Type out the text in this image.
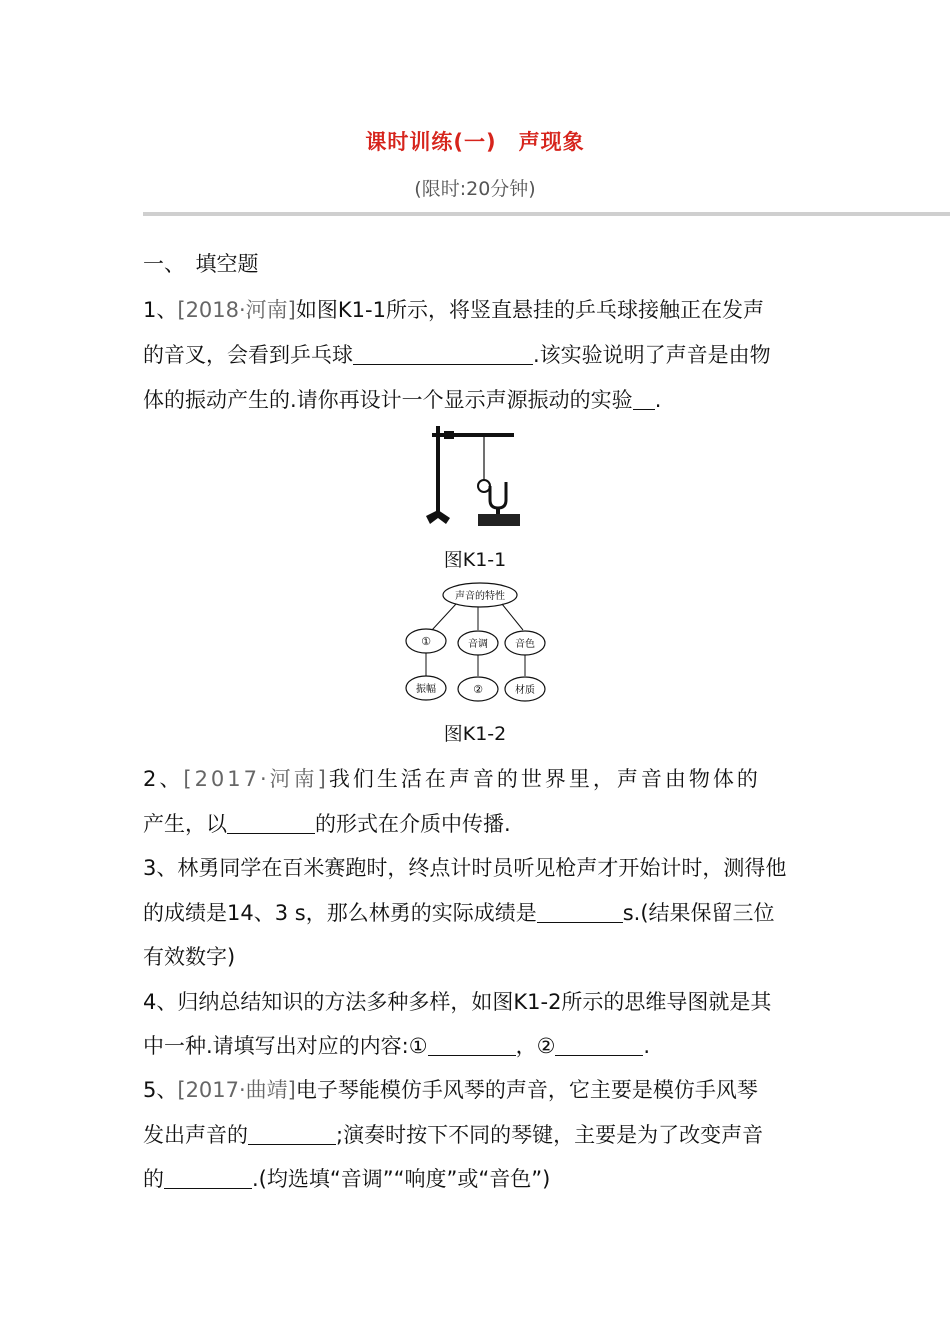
课时训练(一)　声现象
(限时:20分钟)
一、　填空题
1、[2018·河南]如图K1-1所示，将竖直悬挂的乒乓球接触正在发声
的音叉，会看到乒乓球	.该实验说明了声音是由物
体的振动产生的.请你再设计一个显示声源振动的实验 .
图K1-1
声音的特性
①	音调	音色
振幅	②	材质
图K1-2
2、[2017·河南]我们生活在声音的世界里，声音由物体的
产生，以	的形式在介质中传播.
3、林勇同学在百米赛跑时，终点计时员听见枪声才开始计时，测得他
的成绩是14、3 s，那么林勇的实际成绩是	s.(结果保留三位
有效数字)
4、归纳总结知识的方法多种多样，如图K1-2所示的思维导图就是其
中一种.请填写出对应的内容:①	，②	.
5、[2017·曲靖]电子琴能模仿手风琴的声音，它主要是模仿手风琴
发出声音的	;演奏时按下不同的琴键，主要是为了改变声音
的	.(均选填“音调”“响度”或“音色”)
